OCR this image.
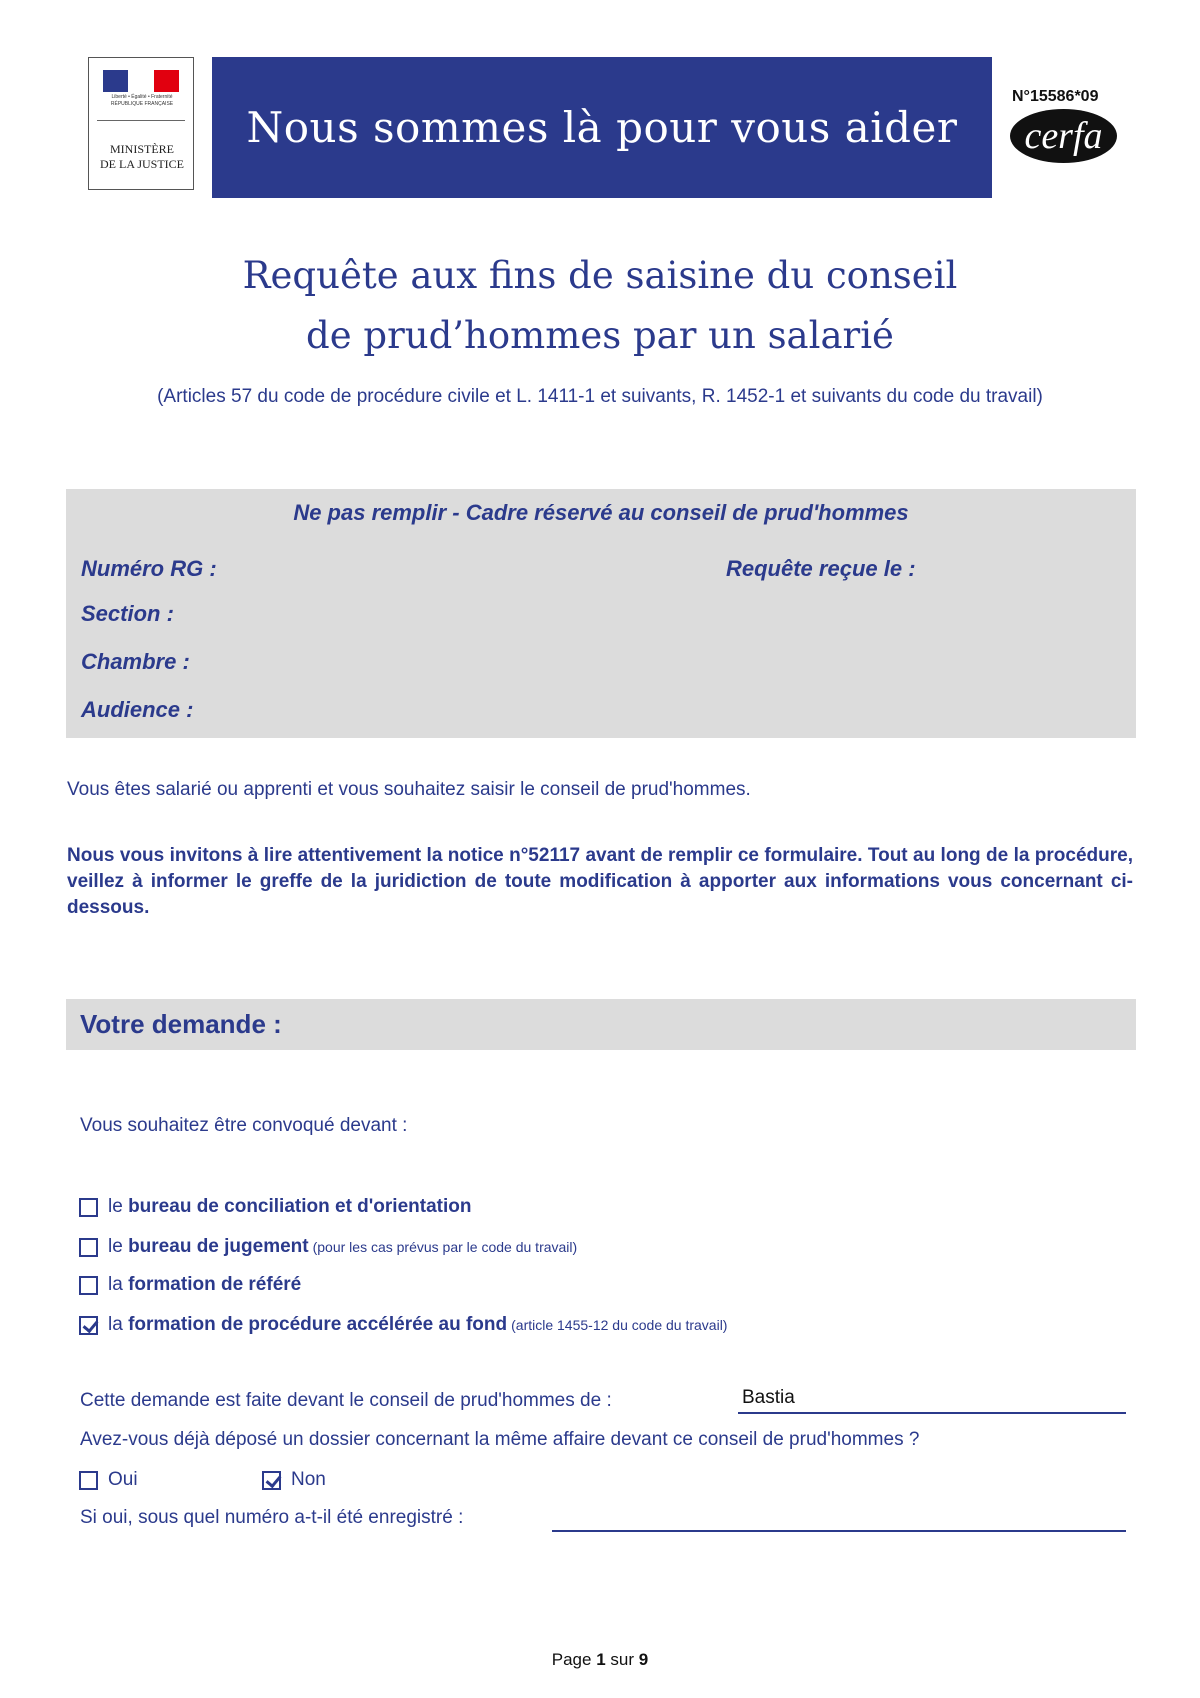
Liberté • Égalité • Fraternité
RÉPUBLIQUE FRANÇAISE
MINISTÈRE
DE LA JUSTICE
Nous sommes là pour vous aider
N°15586*09
cerfa
Requête aux fins de saisine du conseil
de prud’hommes par un salarié
(Articles 57 du code de procédure civile et L. 1411-1 et suivants, R. 1452-1 et suivants du code du travail)
Ne pas remplir - Cadre réservé au conseil de prud'hommes
Numéro RG :	Requête reçue le :
Section :
Chambre :
Audience :
Vous êtes salarié ou apprenti et vous souhaitez saisir le conseil de prud'hommes.
Nous vous invitons à lire attentivement la notice n°52117 avant de remplir ce formulaire. Tout au long de la procédure, veillez à informer le greffe de la juridiction de toute modification à apporter aux informations vous concernant ci-dessous.
Votre demande :
Vous souhaitez être convoqué devant :
le
bureau de conciliation et d'orientation
le
bureau de jugement (pour les cas prévus par le code du travail)
la
formation de référé
la
formation de procédure accélérée au fond (article 1455-12 du code du travail)
Cette demande est faite devant le conseil de prud'hommes de :	Bastia
Avez-vous déjà déposé un dossier concernant la même affaire devant ce conseil de prud'hommes ?
Oui	Non
Si oui, sous quel numéro a-t-il été enregistré :
Page 1 sur 9
